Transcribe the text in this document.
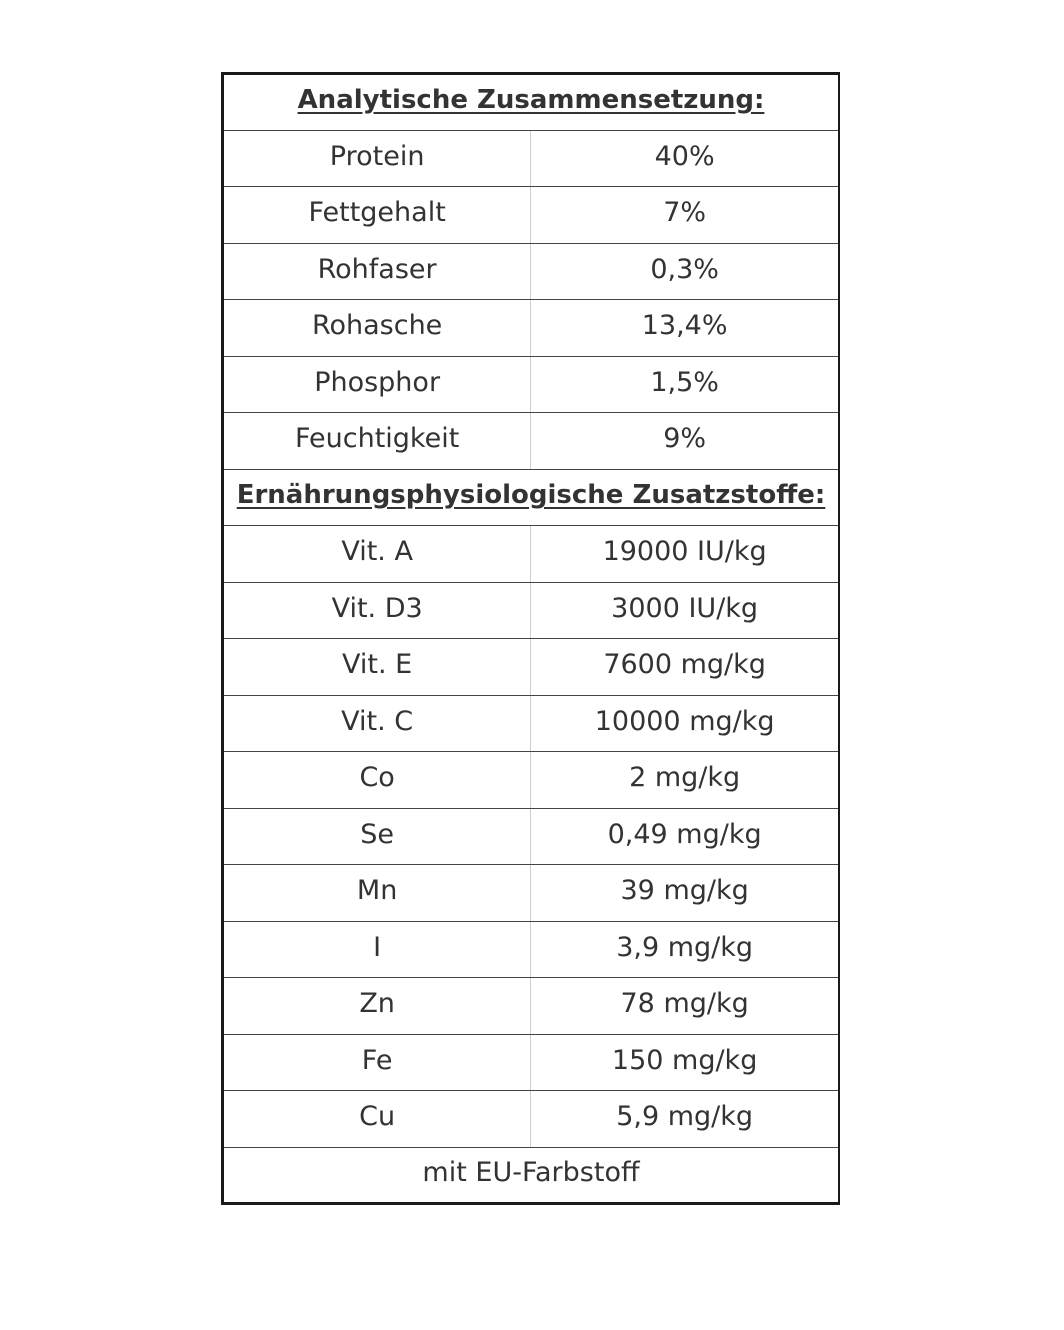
Analytische Zusammensetzung:	
Protein	40%
Fettgehalt	7%
Rohfaser	0,3%
Rohasche	13,4%
Phosphor	1,5%
Feuchtigkeit	9%
Ernährungsphysiologische Zusatzstoffe:	
Vit. A	19000 IU/kg
Vit. D3	3000 IU/kg
Vit. E	7600 mg/kg
Vit. C	10000 mg/kg
Co	2 mg/kg
Se	0,49 mg/kg
Mn	39 mg/kg
I	3,9 mg/kg
Zn	78 mg/kg
Fe	150 mg/kg
Cu	5,9 mg/kg
mit EU-Farbstoff	
